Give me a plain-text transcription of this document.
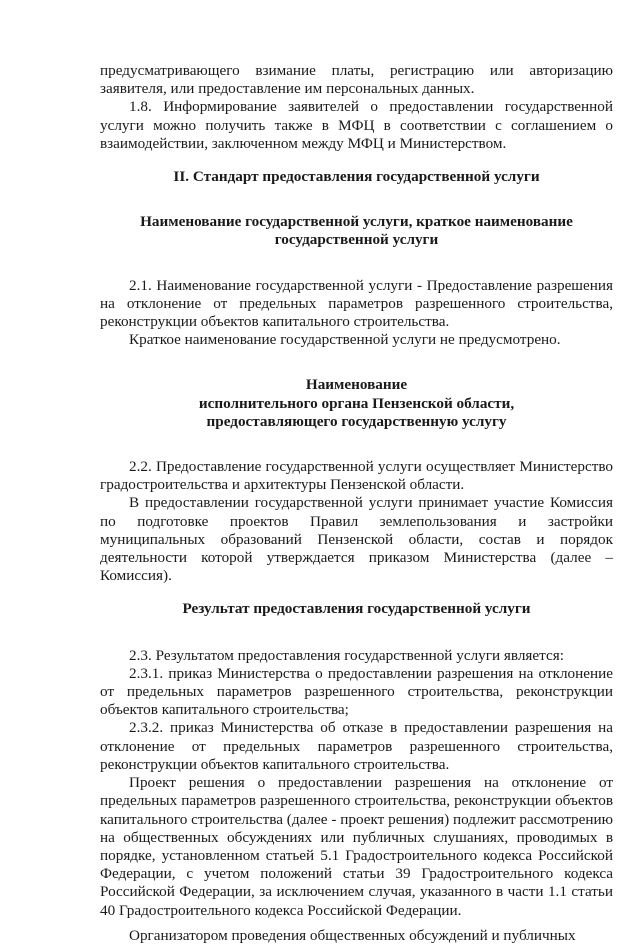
предусматривающего взимание платы, регистрацию или авторизацию заявителя, или предоставление им персональных данных.

1.8. Информирование заявителей о предоставлении государственной услуги можно получить также в МФЦ в соответствии с соглашением о взаимодействии, заключенном между МФЦ и Министерством.

II. Стандарт предоставления государственной услуги

Наименование государственной услуги, краткое наименование
государственной услуги

2.1. Наименование государственной услуги - Предоставление разрешения на отклонение от предельных параметров разрешенного строительства, реконструкции объектов капитального строительства.

Краткое наименование государственной услуги не предусмотрено.

Наименование
исполнительного органа Пензенской области,
предоставляющего государственную услугу

2.2. Предоставление государственной услуги осуществляет Министерство градостроительства и архитектуры Пензенской области.

В предоставлении государственной услуги принимает участие Комиссия по подготовке проектов Правил землепользования и застройки муниципальных образований Пензенской области, состав и порядок деятельности которой утверждается приказом Министерства (далее – Комиссия).

Результат предоставления государственной услуги

2.3. Результатом предоставления государственной услуги является:

2.3.1. приказ Министерства о предоставлении разрешения на отклонение от предельных параметров разрешенного строительства, реконструкции объектов капитального строительства;

2.3.2. приказ Министерства об отказе в предоставлении разрешения на отклонение от предельных параметров разрешенного строительства, реконструкции объектов капитального строительства.

Проект решения о предоставлении разрешения на отклонение от предельных параметров разрешенного строительства, реконструкции объектов капитального строительства (далее - проект решения) подлежит рассмотрению на общественных обсуждениях или публичных слушаниях, проводимых в порядке, установленном статьей 5.1 Градостроительного кодекса Российской Федерации, с учетом положений статьи 39 Градостроительного кодекса Российской Федерации, за исключением случая, указанного в части 1.1 статьи 40 Градостроительного кодекса Российской Федерации.

Организатором проведения общественных обсуждений и публичных
